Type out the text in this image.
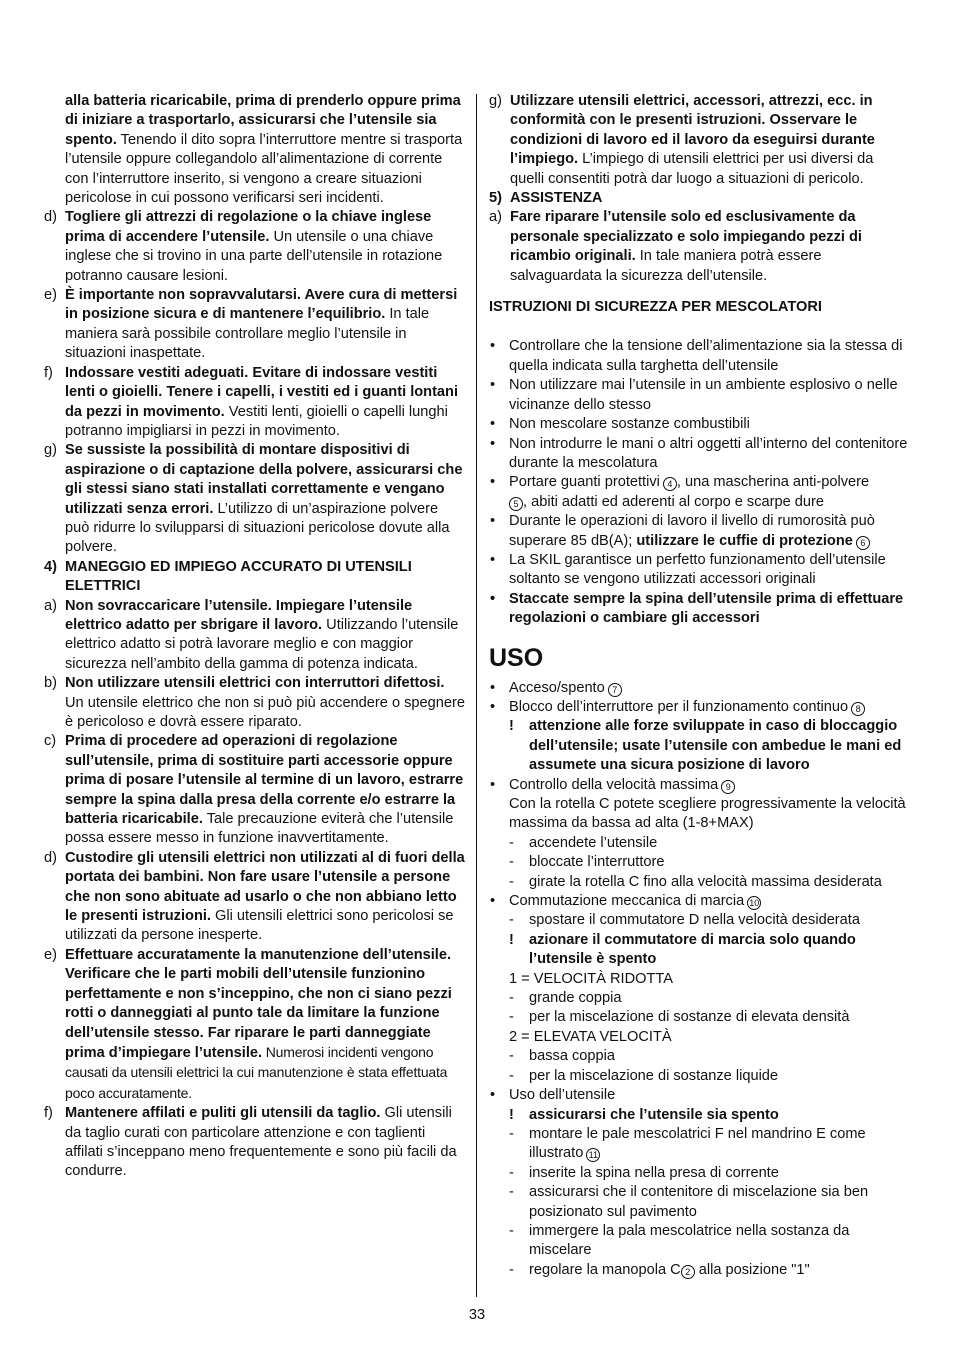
alla batteria ricaricabile, prima di prenderlo oppure prima di iniziare a trasportarlo, assicurarsi che l’utensile sia spento. Tenendo il dito sopra l’interruttore mentre si trasporta l’utensile oppure collegandolo all’alimentazione di corrente con l’interruttore inserito, si vengono a creare situazioni pericolose in cui possono verificarsi seri incidenti.
d) Togliere gli attrezzi di regolazione o la chiave inglese prima di accendere l’utensile. Un utensile o una chiave inglese che si trovino in una parte dell’utensile in rotazione potranno causare lesioni.
e) È importante non sopravvalutarsi. Avere cura di mettersi in posizione sicura e di mantenere l’equilibrio. In tale maniera sarà possibile controllare meglio l’utensile in situazioni inaspettate.
f) Indossare vestiti adeguati. Evitare di indossare vestiti lenti o gioielli. Tenere i capelli, i vestiti ed i guanti lontani da pezzi in movimento. Vestiti lenti, gioielli o capelli lunghi potranno impigliarsi in pezzi in movimento.
g) Se sussiste la possibilità di montare dispositivi di aspirazione o di captazione della polvere, assicurarsi che gli stessi siano stati installati correttamente e vengano utilizzati senza errori. L’utilizzo di un’aspirazione polvere può ridurre lo svilupparsi di situazioni pericolose dovute alla polvere.
4) MANEGGIO ED IMPIEGO ACCURATO DI UTENSILI ELETTRICI
a) Non sovraccaricare l’utensile. Impiegare l’utensile elettrico adatto per sbrigare il lavoro. Utilizzando l’utensile elettrico adatto si potrà lavorare meglio e con maggior sicurezza nell’ambito della gamma di potenza indicata.
b) Non utilizzare utensili elettrici con interruttori difettosi. Un utensile elettrico che non si può più accendere o spegnere è pericoloso e dovrà essere riparato.
c) Prima di procedere ad operazioni di regolazione sull’utensile, prima di sostituire parti accessorie oppure prima di posare l’utensile al termine di un lavoro, estrarre sempre la spina dalla presa della corrente e/o estrarre la batteria ricaricabile. Tale precauzione eviterà che l’utensile possa essere messo in funzione inavvertitamente.
d) Custodire gli utensili elettrici non utilizzati al di fuori della portata dei bambini. Non fare usare l’utensile a persone che non sono abituate ad usarlo o che non abbiano letto le presenti istruzioni. Gli utensili elettrici sono pericolosi se utilizzati da persone inesperte.
e) Effettuare accuratamente la manutenzione dell’utensile. Verificare che le parti mobili dell’utensile funzionino perfettamente e non s’inceppino, che non ci siano pezzi rotti o danneggiati al punto tale da limitare la funzione dell’utensile stesso. Far riparare le parti danneggiate prima d’impiegare l’utensile. Numerosi incidenti vengono causati da utensili elettrici la cui manutenzione è stata effettuata poco accuratamente.
f) Mantenere affilati e puliti gli utensili da taglio. Gli utensili da taglio curati con particolare attenzione e con taglienti affilati s’inceppano meno frequentemente e sono più facili da condurre.
g) Utilizzare utensili elettrici, accessori, attrezzi, ecc. in conformità con le presenti istruzioni. Osservare le condizioni di lavoro ed il lavoro da eseguirsi durante l’impiego. L’impiego di utensili elettrici per usi diversi da quelli consentiti potrà dar luogo a situazioni di pericolo.
5) ASSISTENZA
a) Fare riparare l’utensile solo ed esclusivamente da personale specializzato e solo impiegando pezzi di ricambio originali. In tale maniera potrà essere salvaguardata la sicurezza dell’utensile.
ISTRUZIONI DI SICUREZZA PER MESCOLATORI
• Controllare che la tensione dell’alimentazione sia la stessa di quella indicata sulla targhetta dell’utensile
• Non utilizzare mai l’utensile in un ambiente esplosivo o nelle vicinanze dello stesso
• Non mescolare sostanze combustibili
• Non introdurre le mani o altri oggetti all’interno del contenitore durante la mescolatura
• Portare guanti protettivi 4 , una mascherina anti-polvere
5 , abiti adatti ed aderenti al corpo e scarpe dure
• Durante le operazioni di lavoro il livello di rumorosità può superare 85 dB(A); utilizzare le cuffie di protezione 6
• La SKIL garantisce un perfetto funzionamento dell’utensile soltanto se vengono utilizzati accessori originali
• Staccate sempre la spina dell’utensile prima di effettuare regolazioni o cambiare gli accessori
USO
• Acceso/spento 7
• Blocco dell’interruttore per il funzionamento continuo 8
! attenzione alle forze sviluppate in caso di bloccaggio dell’utensile; usate l’utensile con ambedue le mani ed assumete una sicura posizione di lavoro
• Controllo della velocità massima 9
Con la rotella C potete scegliere progressivamente la velocità massima da bassa ad alta (1-8+MAX)
- accendete l’utensile
- bloccate l’interruttore
- girate la rotella C fino alla velocità massima desiderata
• Commutazione meccanica di marcia 10
- spostare il commutatore D nella velocità desiderata
! azionare il commutatore di marcia solo quando l’utensile è spento
1 = VELOCITÀ RIDOTTA
- grande coppia
- per la miscelazione di sostanze di elevata densità
2 = ELEVATA VELOCITÀ
- bassa coppia
- per la miscelazione di sostanze liquide
• Uso dell’utensile
! assicurarsi che l’utensile sia spento
- montare le pale mescolatrici F nel mandrino E come illustrato 11
- inserite la spina nella presa di corrente
- assicurarsi che il contenitore di miscelazione sia ben posizionato sul pavimento
- immergere la pala mescolatrice nella sostanza da miscelare
- regolare la manopola C 2 alla posizione "1"
33
